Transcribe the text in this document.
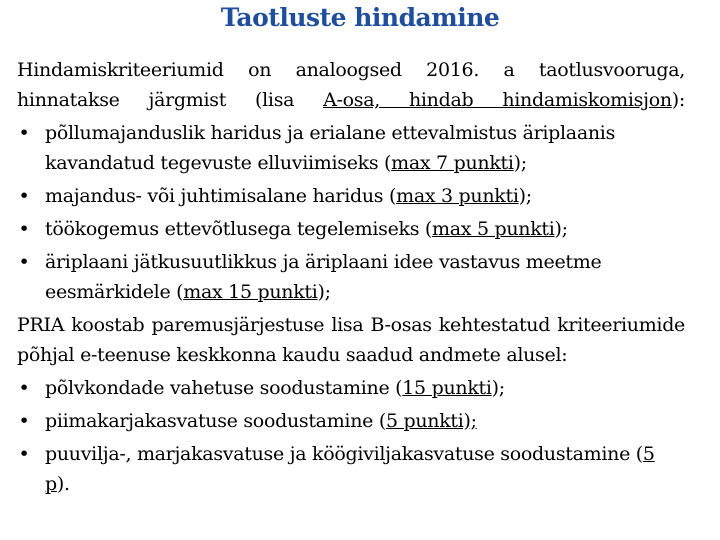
Taotluste hindamine

Hindamiskriteeriumid on analoogsed 2016. a taotlusvooruga, hinnatakse järgmist (lisa A-osa, hindab hindamiskomisjon):

• põllumajanduslik haridus ja erialane ettevalmistus äriplaanis kavandatud tegevuste elluviimiseks (max 7 punkti);
• majandus- või juhtimisalane haridus (max 3 punkti);
• töökogemus ettevõtlusega tegelemiseks (max 5 punkti);
• äriplaani jätkusuutlikkus ja äriplaani idee vastavus meetme eesmärkidele (max 15 punkti);

PRIA koostab paremusjärjestuse lisa B-osas kehtestatud kriteeriumide põhjal e-teenuse keskkonna kaudu saadud andmete alusel:

• põlvkondade vahetuse soodustamine (15 punkti);
• piimakarjakasvatuse soodustamine (5 punkti);
• puuvilja-, marjakasvatuse ja köögiviljakasvatuse soodustamine (5 p).
